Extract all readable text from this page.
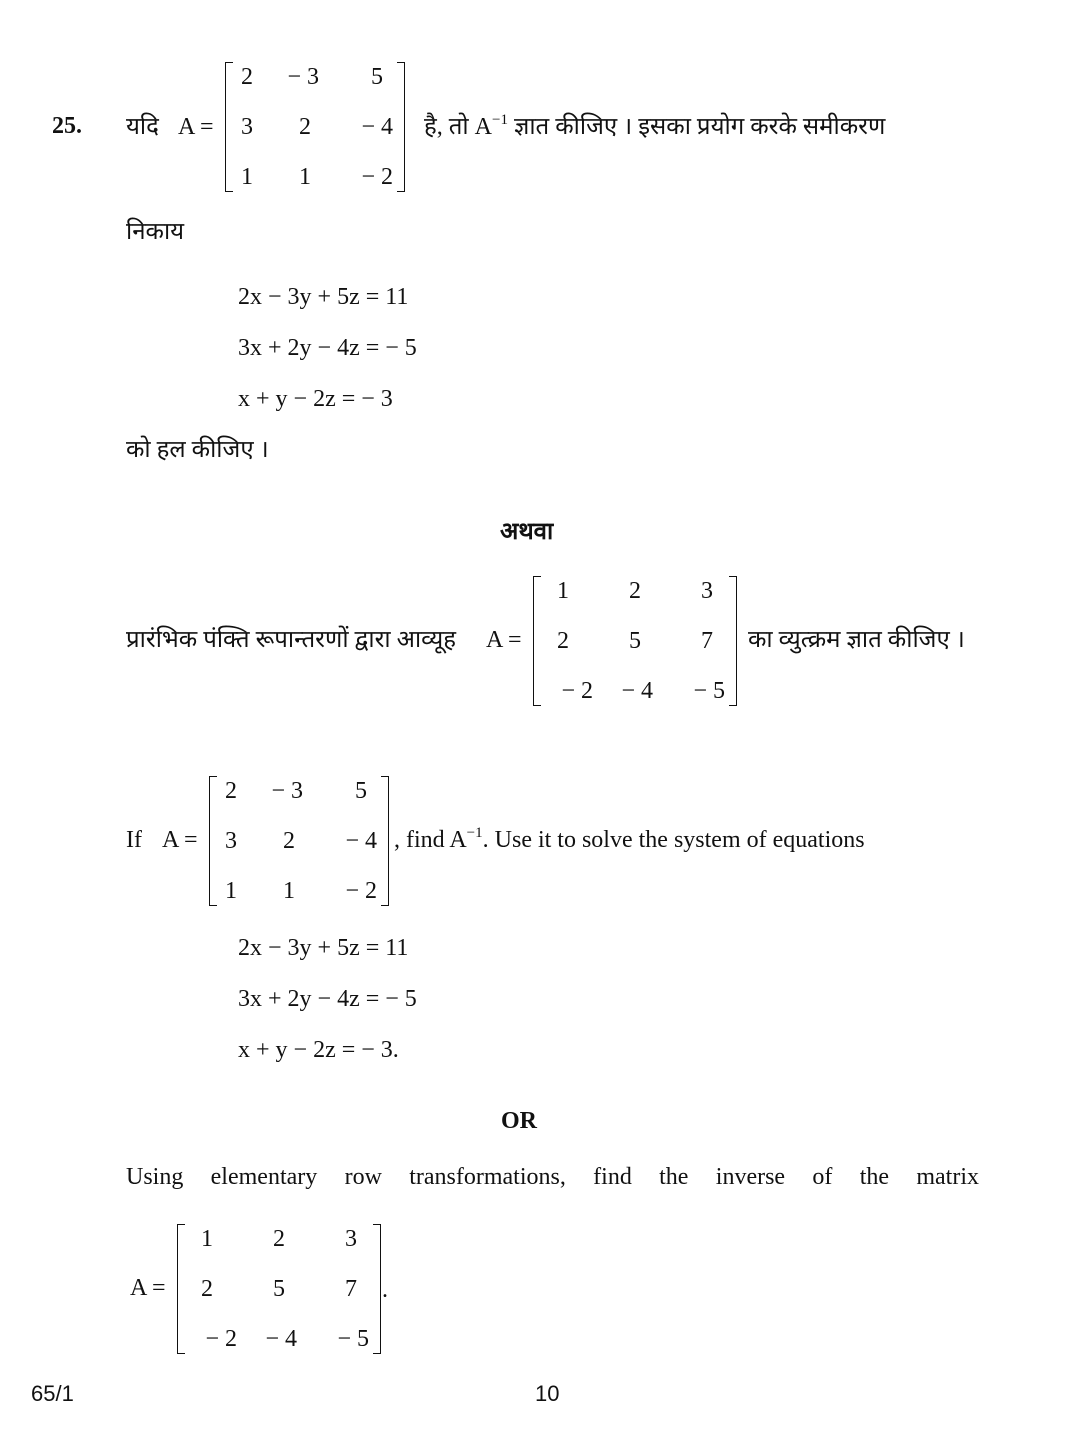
25. यदि A =
2 − 3 5
3 2 − 4
1 1 − 2
है, तो $A^{-1}$ ज्ञात कीजिए । इसका प्रयोग करके समीकरण
निकाय
2x − 3y + 5z = 11
3x + 2y − 4z = − 5
x + y − 2z = − 3
को हल कीजिए ।
अथवा
प्रारंभिक पंक्ति रूपान्तरणों द्वारा आव्यूह A =
1	2	3
2	5	7
− 2 − 4 − 5
का व्युत्क्रम ज्ञात कीजिए ।
If A =
2 − 3 5
3 2 − 4
1 1 − 2
, find $A^{-1}$. Use it to solve the system of equations
2x − 3y + 5z = 11
3x + 2y − 4z = − 5
x + y − 2z = − 3.
OR
Using elementary row transformations, find the inverse of the matrix
A =
1	2	3
2	5	7
− 2 − 4 − 5
.
65/1	10
